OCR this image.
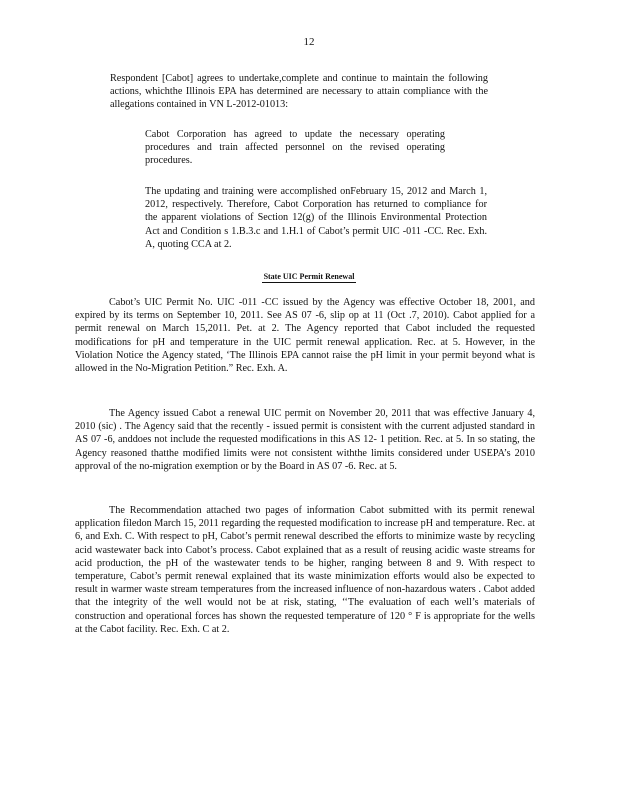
12

Respondent [Cabot] agrees to undertake,complete and continue to maintain the following actions, whichthe Illinois EPA has determined are necessary to attain compliance with the allegations contained in VN L-2012-01013:

Cabot Corporation has agreed to update the necessary operating procedures and train affected personnel on the revised operating procedures.

The updating and training were accomplished onFebruary 15, 2012 and March 1, 2012, respectively. Therefore, Cabot Corporation has returned to compliance for the apparent violations of Section 12(g) of the Illinois Environmental Protection Act and Condition s 1.B.3.c and 1.H.1 of Cabot’s permit UIC -011 -CC. Rec. Exh. A, quoting CCA at 2.

State UIC Permit Renewal

Cabot’s UIC Permit No. UIC -011 -CC issued by the Agency was effective October 18, 2001, and expired by its terms on September 10, 2011. See AS 07 -6, slip op at 11 (Oct .7, 2010). Cabot applied for a permit renewal on March 15,2011. Pet. at 2. The Agency reported that Cabot included the requested modifications for pH and temperature in the UIC permit renewal application. Rec. at 5. However, in the Violation Notice the Agency stated, ‘The Illinois EPA cannot raise the pH limit in your permit beyond what is allowed in the No-Migration Petition.” Rec. Exh. A.

The Agency issued Cabot a renewal UIC permit on November 20, 2011 that was effective January 4, 2010 (sic) . The Agency said that the recently - issued permit is consistent with the current adjusted standard in AS 07 -6, anddoes not include the requested modifications in this AS 12- 1 petition. Rec. at 5. In so stating, the Agency reasoned thatthe modified limits were not consistent withthe limits considered under USEPA’s 2010 approval of the no-migration exemption or by the Board in AS 07 -6. Rec. at 5.

The Recommendation attached two pages of information Cabot submitted with its permit renewal application filedon March 15, 2011 regarding the requested modification to increase pH and temperature. Rec. at 6, and Exh. C. With respect to pH, Cabot’s permit renewal described the efforts to minimize waste by recycling acid wastewater back into Cabot’s process. Cabot explained that as a result of reusing acidic waste streams for acid production, the pH of the wastewater tends to be higher, ranging between 8 and 9. With respect to temperature, Cabot’s permit renewal explained that its waste minimization efforts would also be expected to result in warmer waste stream temperatures from the increased influence of non-hazardous waters . Cabot added that the integrity of the well would not be at risk, stating, ‘‘The evaluation of each well’s materials of construction and operational forces has shown the requested temperature of 120 ° F is appropriate for the wells at the Cabot facility. Rec. Exh. C at 2.
